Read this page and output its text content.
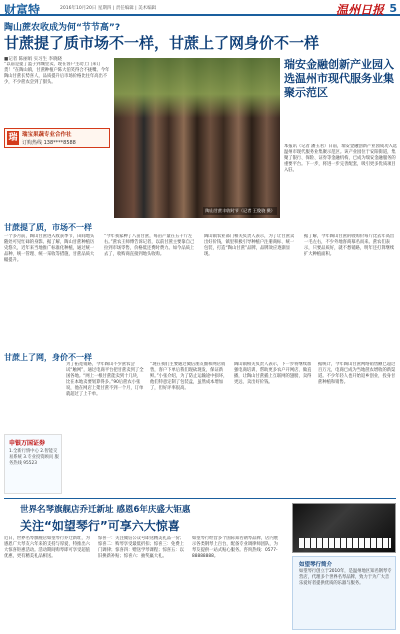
财富特	2016年10月20日 星期四 | 责任编辑 | 美术编辑	温州日报 5
陶山蔗农收成为何“节节高”?
甘蔗提了质市场不一样，甘蔗上了网身价不一样
■记者 陈丽娟 实习生 李晓晓
“以前是提了篮子到城里卖，现在客户主动上门来订货！”在陶山镇，甘蔗种植户陈大伯笑得合不拢嘴。今年陶山甘蔗长势喜人，品质提升后市场价格比往年高出不少，不少蔗农尝到了甜头。
瑞 瑞宝果蔬专业合作社
订购热线 138****8588
陶山甘蔗丰收时节（记者 王俊骁 摄）
瑞安金融创新产业园入选温州市现代服务业集聚示范区
本报讯（记者 潘玉君）日前，瑞安金融创新产业园成功入选温州市现代服务业集聚示范区。该产业园位于安阳街道，集聚了银行、保险、证券等金融机构，已成为瑞安金融服务的重要平台。下一步，将进一步完善配套，吸引更多优质项目入驻。
甘蔗提了质，市场不一样
一个多月前，陶山甘蔗进入收获季节，田间地头随处可见忙碌的身影。据了解，陶山甘蔗种植历史悠久，近年来当地推广标准化种植，通过统一品种、统一管理、统一采收等措施，甘蔗品质大幅提升。
“今年我家种了八亩甘蔗，每亩产量在五千斤左右。”蔗农王师傅告诉记者，以前甘蔗主要靠自己拉到市场零售，价格低还费时费力。如今品质上去了，收购商直接到地头收购。
陶山镇农业部门相关负责人表示，为了让甘蔗卖出好价钱，镇里积极引导种植户注册商标、统一包装，打造“陶山甘蔗”品牌，品牌效应逐渐显现。
据了解，今年陶山甘蔗的收购价每斤比去年高出一毛左右，不少外地客商慕名而来。蔗农们表示，只要品质好，就不愁销路，明年还打算继续扩大种植面积。
甘蔗上了网，身价不一样
申银万国证券
1.全新行情中心 2.智能交易系统 3.专业投资顾问 服务热线 95523
为了拓宽销路，今年陶山不少蔗农尝试“触网”，通过电商平台把甘蔗卖到了全国各地。“网上一根甘蔗能卖到十几块，比在本地卖要划算得多。”90后蔗农小张说，他在网店上架甘蔗不到一个月，订单就超过了上千单。
“现在我们主要通过微信朋友圈和网店销售，客户下单后我们现砍现发，保证新鲜。”小张介绍，为了防止运输途中损坏，他们特意定制了包装盒，虽然成本增加了，但好评率很高。
陶山镇相关负责人表示，下一步将继续加强电商培训，帮助更多农户开网店、做直播，让陶山甘蔗插上互联网的翅膀，卖得更远、卖出好价钱。
据统计，今年陶山甘蔗网络销售额已超过百万元，电商已成为当地蔗农增收的新渠道。不少年轻人也开始返乡创业，投身甘蔗种植和销售。
世界名琴旗舰店乔迁新址 感恩6年庆盛大钜惠
关注“如望琴行”可享六大惊喜
近日，世界名琴旗舰店如望琴行乔迁新址，为感恩广大琴友六年来的支持与厚爱，特推出六大惊喜钜惠活动。活动期间购琴即可享受超值优惠，更有精美礼品相送。
惊喜一：关注微信公众号即送精美礼品一份；惊喜二：购琴享受最低折扣；惊喜三：免费上门调律；惊喜四：赠送学琴课程；惊喜五：以旧换新补贴；惊喜六：抽奖赢大礼。
如望琴行经营多个国际知名钢琴品牌，店内展示各类钢琴上百台，配备专业调律师团队，为琴友提供一站式贴心服务。咨询热线：0577-88888888。
如望琴行简介
如望琴行创立于2010年，是温州地区知名钢琴专营店，代理多个世界名琴品牌，致力于为广大音乐爱好者提供优质的乐器与服务。
